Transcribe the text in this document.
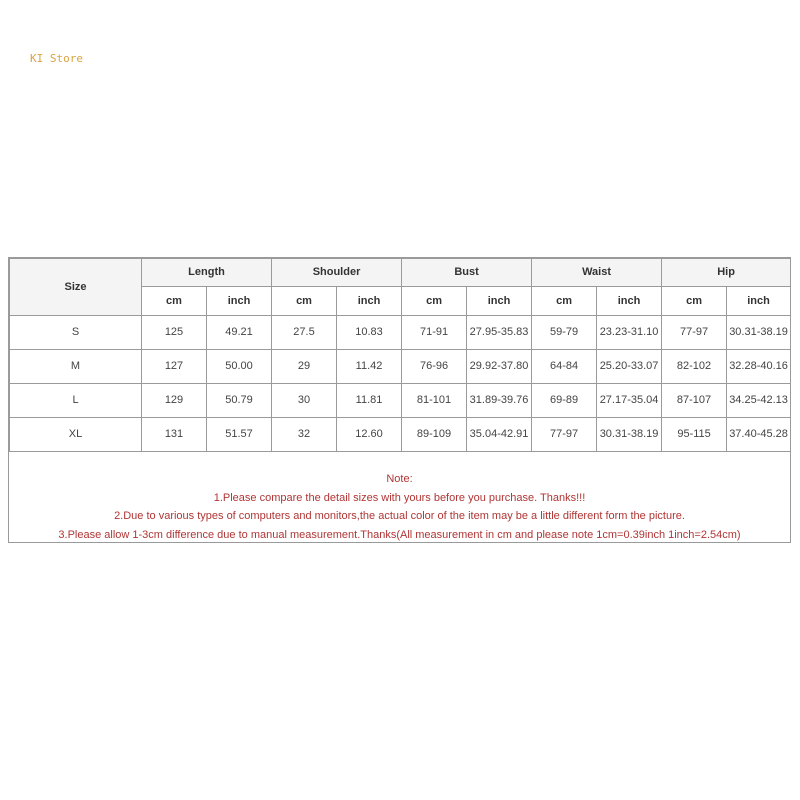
KI Store
Size	Length		Shoulder		Bust		Waist		Hip	
	cm	inch	cm	inch	cm	inch	cm	inch	cm	inch
S	125	49.21	27.5	10.83	71-91	27.95-35.83	59-79	23.23-31.10	77-97	30.31-38.19
M	127	50.00	29	11.42	76-96	29.92-37.80	64-84	25.20-33.07	82-102	32.28-40.16
L	129	50.79	30	11.81	81-101	31.89-39.76	69-89	27.17-35.04	87-107	34.25-42.13
XL	131	51.57	32	12.60	89-109	35.04-42.91	77-97	30.31-38.19	95-115	37.40-45.28
Note:
1.Please compare the detail sizes with yours before you purchase. Thanks!!!
2.Due to various types of computers and monitors,the actual color of the item may be a little different form the picture.
3.Please allow 1-3cm difference due to manual measurement.Thanks(All measurement in cm and please note 1cm=0.39inch 1inch=2.54cm)
